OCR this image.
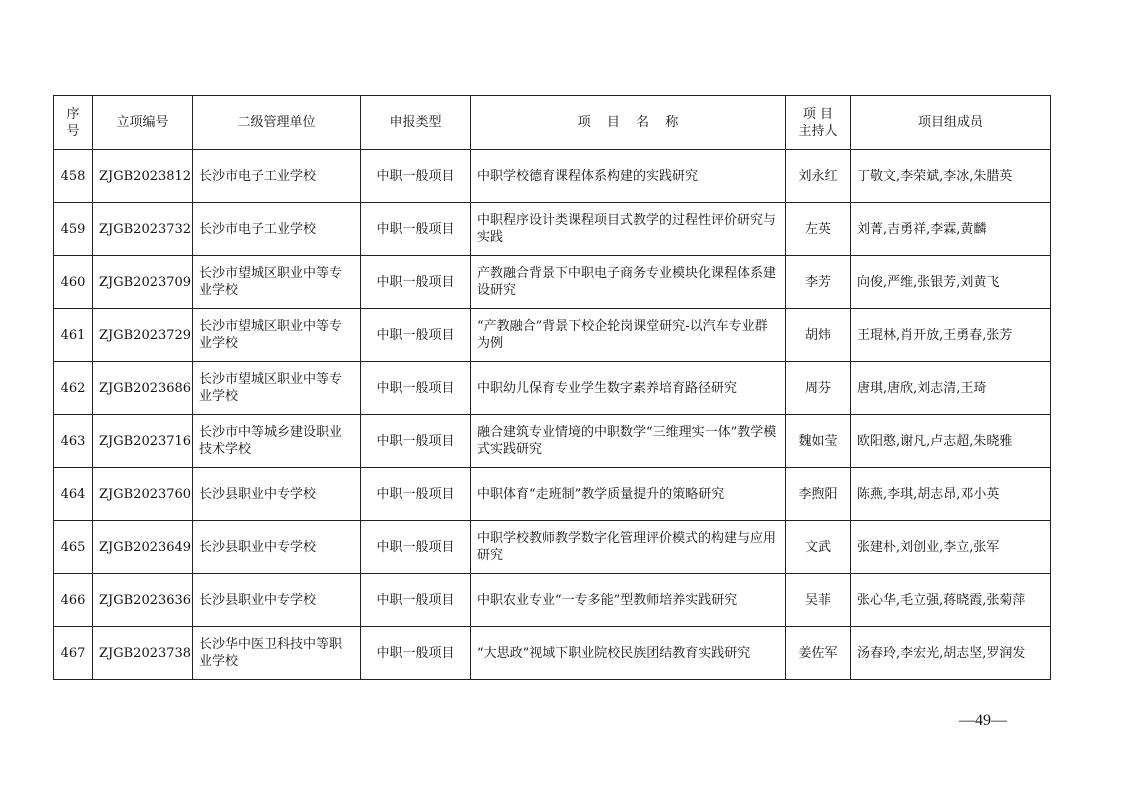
序号	立项编号	二级管理单位	申报类型	项 目 名 称	项 目 主持人	项目组成员
458	ZJGB2023812	长沙市电子工业学校	中职一般项目	中职学校德育课程体系构建的实践研究	刘永红	丁敬文,李荣斌,李冰,朱腊英
459	ZJGB2023732	长沙市电子工业学校	中职一般项目	中职程序设计类课程项目式教学的过程性评价研究与实践	左英	刘菁,吉勇祥,李霖,黄麟
460	ZJGB2023709	长沙市望城区职业中等专业学校	中职一般项目	产教融合背景下中职电子商务专业模块化课程体系建设研究	李芳	向俊,严维,张银芳,刘黄飞
461	ZJGB2023729	长沙市望城区职业中等专业学校	中职一般项目	“产教融合”背景下校企轮岗课堂研究-以汽车专业群为例	胡炜	王琨林,肖开放,王勇春,张芳
462	ZJGB2023686	长沙市望城区职业中等专业学校	中职一般项目	中职幼儿保育专业学生数字素养培育路径研究	周芬	唐琪,唐欣,刘志清,王琦
463	ZJGB2023716	长沙市中等城乡建设职业技术学校	中职一般项目	融合建筑专业情境的中职数学“三维理实一体”教学模式实践研究	魏如莹	欧阳憨,谢凡,卢志超,朱晓雅
464	ZJGB2023760	长沙县职业中专学校	中职一般项目	中职体育“走班制”教学质量提升的策略研究	李煦阳	陈燕,李琪,胡志昂,邓小英
465	ZJGB2023649	长沙县职业中专学校	中职一般项目	中职学校教师教学数字化管理评价模式的构建与应用研究	文武	张建朴,刘创业,李立,张军
466	ZJGB2023636	长沙县职业中专学校	中职一般项目	中职农业专业“一专多能”型教师培养实践研究	吴菲	张心华,毛立强,蒋晓霞,张菊萍
467	ZJGB2023738	长沙华中医卫科技中等职业学校	中职一般项目	“大思政”视域下职业院校民族团结教育实践研究	姜佐军	汤春玲,李宏光,胡志坚,罗润发
—49—
